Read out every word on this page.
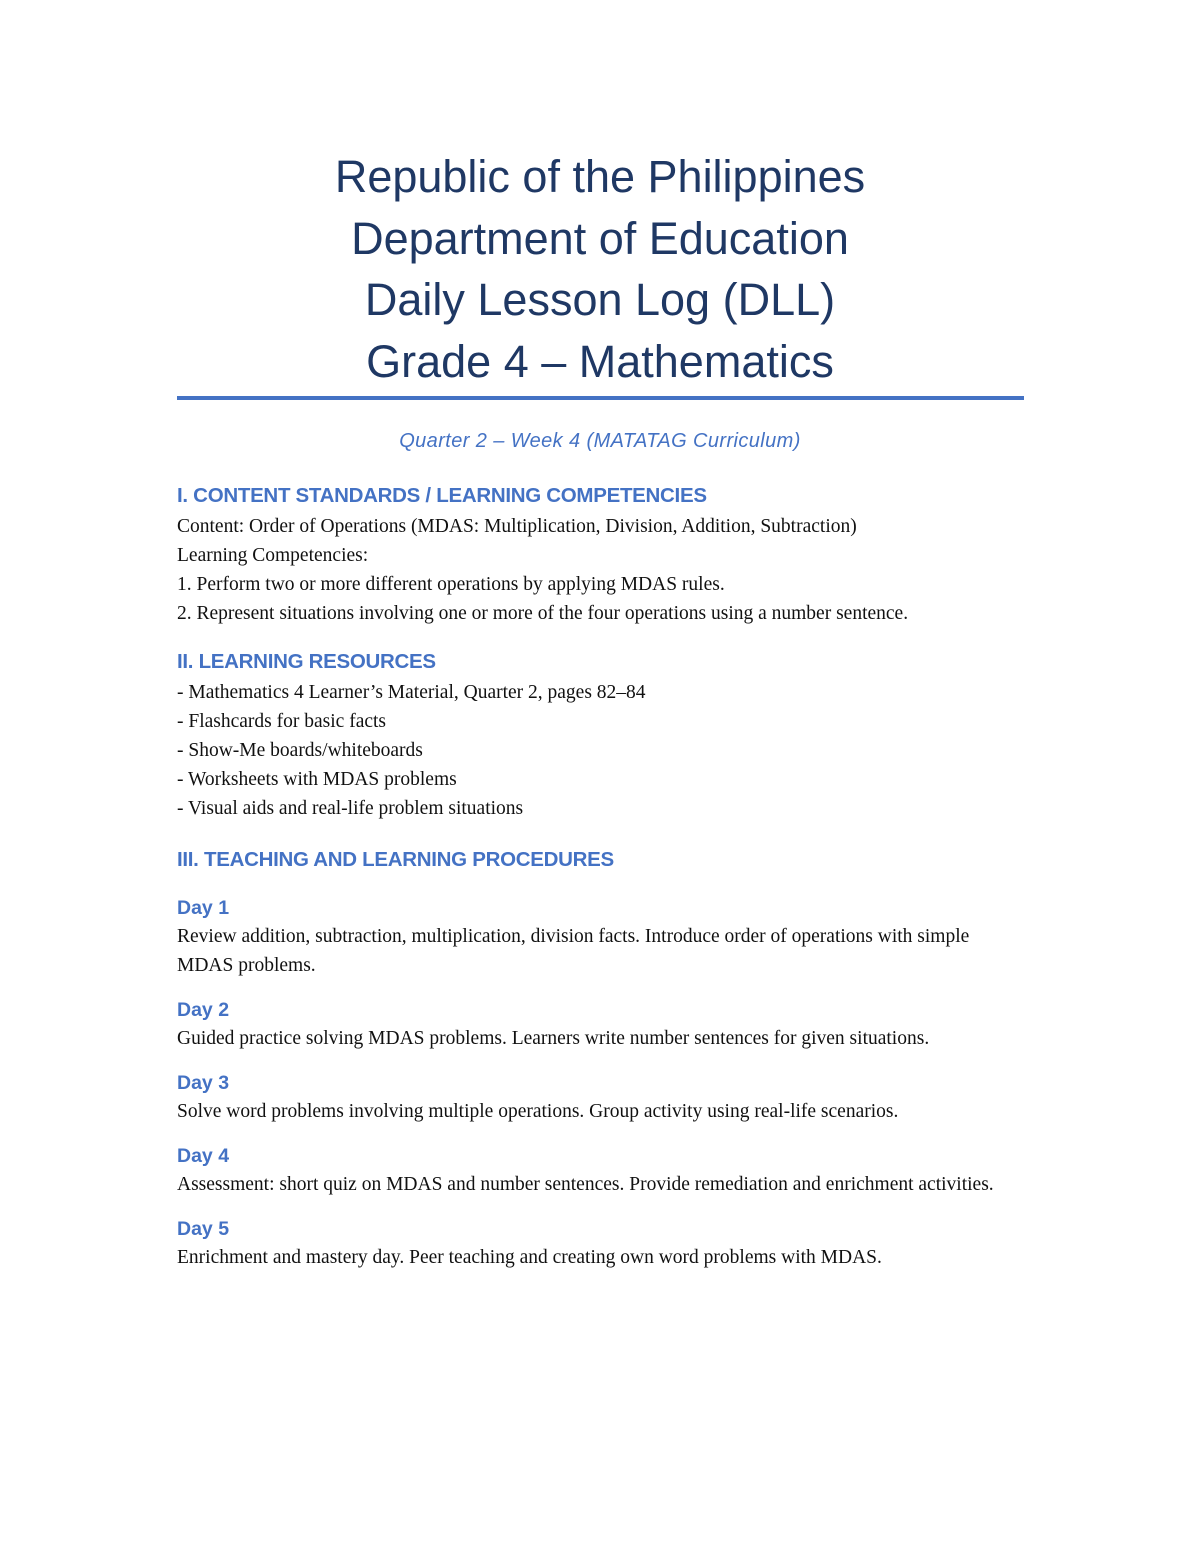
Republic of the Philippines
Department of Education
Daily Lesson Log (DLL)
Grade 4 – Mathematics
Quarter 2 – Week 4 (MATATAG Curriculum)
I. CONTENT STANDARDS / LEARNING COMPETENCIES

Content: Order of Operations (MDAS: Multiplication, Division, Addition, Subtraction)

Learning Competencies:

1. Perform two or more different operations by applying MDAS rules.

2. Represent situations involving one or more of the four operations using a number sentence.

II. LEARNING RESOURCES

- Mathematics 4 Learner’s Material, Quarter 2, pages 82–84

- Flashcards for basic facts

- Show-Me boards/whiteboards

- Worksheets with MDAS problems

- Visual aids and real-life problem situations

III. TEACHING AND LEARNING PROCEDURES
Day 1

Review addition, subtraction, multiplication, division facts. Introduce order of operations with simple MDAS problems.

Day 2

Guided practice solving MDAS problems. Learners write number sentences for given situations.

Day 3

Solve word problems involving multiple operations. Group activity using real-life scenarios.

Day 4

Assessment: short quiz on MDAS and number sentences. Provide remediation and enrichment activities.

Day 5

Enrichment and mastery day. Peer teaching and creating own word problems with MDAS.
